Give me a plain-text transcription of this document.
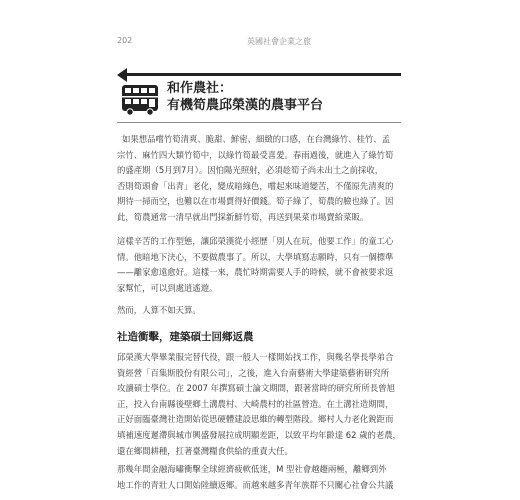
202	英國社會企業之旅
和作農社：
有機筍農邱榮漢的農事平台
如果想品嚐竹筍清爽、脆甜、鮮密、細緻的口感，在台灣綠竹、桂竹、孟
宗竹、麻竹四大類竹筍中，以綠竹筍最受喜愛。春雨過後，就進入了綠竹筍
的盛產期（5月到7月）。因怕陽光照射，必須趁筍子尚未出土之前採收，
否則筍頭會「出青」老化，變成暗綠色，嚐起來味道變苦，不僅原先清爽的
期待一掃而空，也難以在市場賣得好價錢。筍子綠了，筍農的臉也綠了。因
此，筍農通常一清早就出門採新鮮竹筍，再送到果菜市場賣給菜販。
這樣辛苦的工作型態，讓邱榮漢從小經歷「別人在玩，他要工作」的童工心
情。他暗地下決心，不要做農事了。所以，大學填寫志願時，只有一個標準
——離家愈遠愈好。這樣一來，農忙時期需要人手的時候，就不會被要求返
家幫忙，可以到處逍遙遊。
然而，人算不如天算。
社造衝擊，建築碩士回鄉返農
邱榮漢大學畢業服完替代役，跟一般人一樣開始找工作，與幾名學長學弟合
資經營「百集斯股份有限公司」，之後，進入台南藝術大學建築藝術研究所
攻讀碩士學位。在 2007 年撰寫碩士論文期間，跟著當時的研究所所長曾旭
正，投入台南縣後壁鄉土溝農村、大崎農村的社區營造。在土溝社造期間，
正好面臨臺灣社造開始從思硬體建設思維的轉型階段。鄉村人力老化銳距而
填補速度遲滯與城市興盛發展拉成明顯差距，以致平均年齡達 62 歲的老農，
還在鄉間耕種，扛著臺灣糧食供給的重責大任。
那幾年間金融海嘯衝擊全球經濟疲軟低迷，M 型社會越趨兩極，離鄉到外
地工作的青壯人口開始陸續返鄉。而越來越多青年族群不只關心社會公共議
